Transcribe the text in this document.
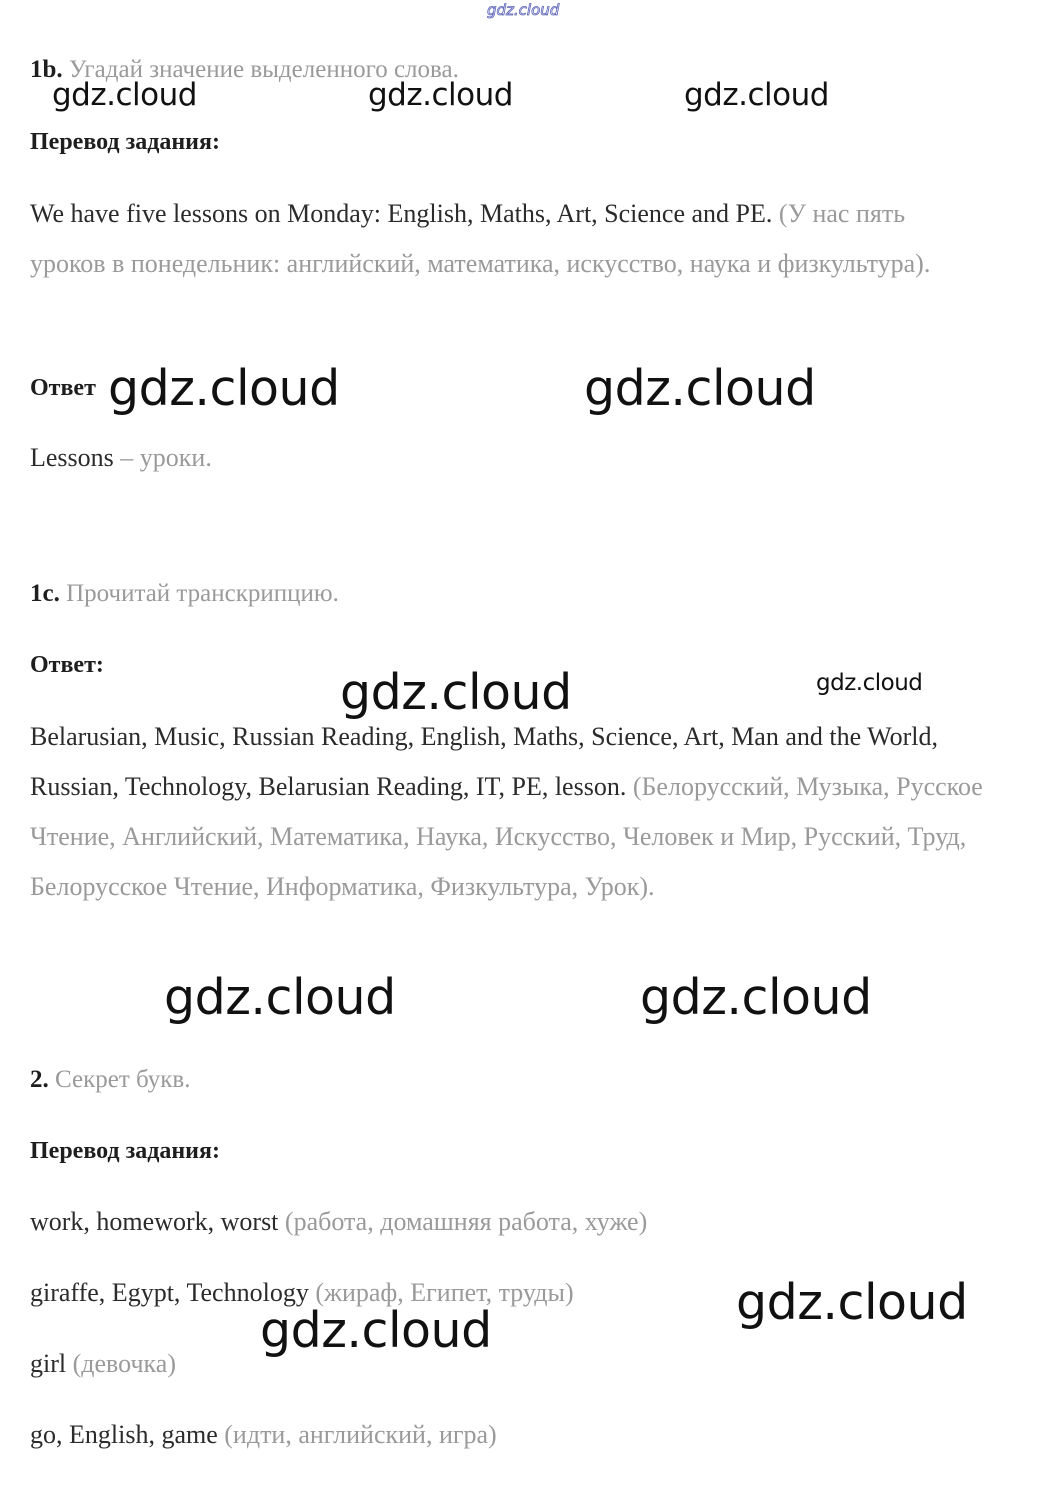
gdz.cloud
1b. Угадай значение выделенного слова.
gdz.cloud	gdz.cloud	gdz.cloud
Перевод задания:
We have five lessons on Monday: English, Maths, Art, Science and PE. (У нас пять уроков в понедельник: английский, математика, искусство, наука и физкультура).
Ответ gdz.cloud	gdz.cloud
Lessons – уроки.
1c. Прочитай транскрипцию.
Ответ:	gdz.cloud	gdz.cloud
Belarusian, Music, Russian Reading, English, Maths, Science, Art, Man and the World, Russian, Technology, Belarusian Reading, IT, PE, lesson. (Белорусский, Музыка, Русское Чтение, Английский, Математика, Наука, Искусство, Человек и Мир, Русский, Труд, Белорусское Чтение, Информатика, Физкультура, Урок).
gdz.cloud	gdz.cloud
2. Секрет букв.
Перевод задания:
work, homework, worst (работа, домашняя работа, хуже)
giraffe, Egypt, Technology (жираф, Египет, труды)	gdz.cloud
gdz.cloud
girl (девочка)
go, English, game (идти, английский, игра)
